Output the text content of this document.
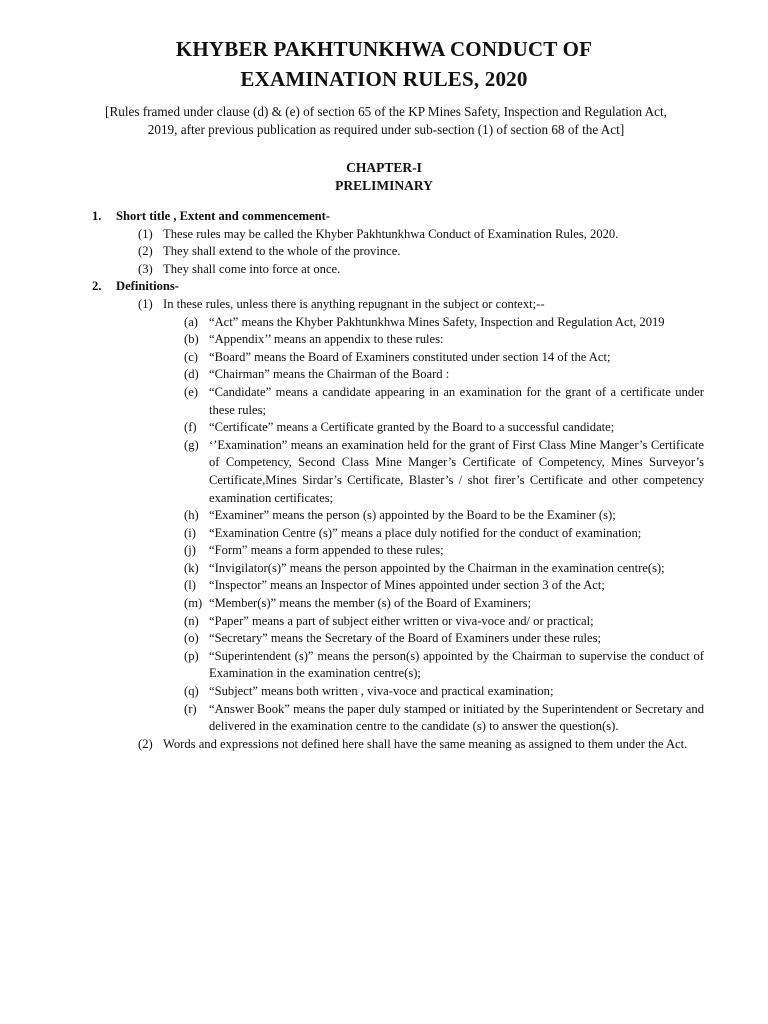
KHYBER PAKHTUNKHWA CONDUCT OF
EXAMINATION RULES, 2020
[Rules framed under clause (d) & (e) of section 65 of the KP Mines Safety, Inspection and Regulation Act,
2019, after previous publication as required under sub-section (1) of section 68 of the Act]
CHAPTER-I
PRELIMINARY
1.	Short title , Extent and commencement-
(1) These rules may be called the Khyber Pakhtunkhwa Conduct of Examination Rules, 2020.
(2) They shall extend to the whole of the province.
(3) They shall come into force at once.
2.	Definitions-
(1) In these rules, unless there is anything repugnant in the subject or context;--
(a) “Act” means the Khyber Pakhtunkhwa Mines Safety, Inspection and Regulation Act, 2019
(b) “Appendix’’ means an appendix to these rules:
(c) “Board” means the Board of Examiners constituted under section 14 of the Act;
(d) “Chairman” means the Chairman of the Board :
(e) “Candidate” means a candidate appearing in an examination for the grant of a certificate under these rules;
(f) “Certificate” means a Certificate granted by the Board to a successful candidate;
(g) ‘’Examination” means an examination held for the grant of First Class Mine Manger’s Certificate of Competency, Second Class Mine Manger’s Certificate of Competency, Mines Surveyor’s Certificate,Mines Sirdar’s Certificate, Blaster’s / shot firer’s Certificate and other competency examination certificates;
(h) “Examiner” means the person (s) appointed by the Board to be the Examiner (s);
(i) “Examination Centre (s)” means a place duly notified for the conduct of examination;
(j) “Form” means a form appended to these rules;
(k) “Invigilator(s)” means the person appointed by the Chairman in the examination centre(s);
(l) “Inspector” means an Inspector of Mines appointed under section 3 of the Act;
(m) “Member(s)” means the member (s) of the Board of Examiners;
(n) “Paper” means a part of subject either written or viva-voce and/ or practical;
(o) “Secretary” means the Secretary of the Board of Examiners under these rules;
(p) “Superintendent (s)” means the person(s) appointed by the Chairman to supervise the conduct of Examination in the examination centre(s);
(q) “Subject” means both written , viva-voce and practical examination;
(r) “Answer Book” means the paper duly stamped or initiated by the Superintendent or Secretary and delivered in the examination centre to the candidate (s) to answer the question(s).
(2) Words and expressions not defined here shall have the same meaning as assigned to them under the Act.
